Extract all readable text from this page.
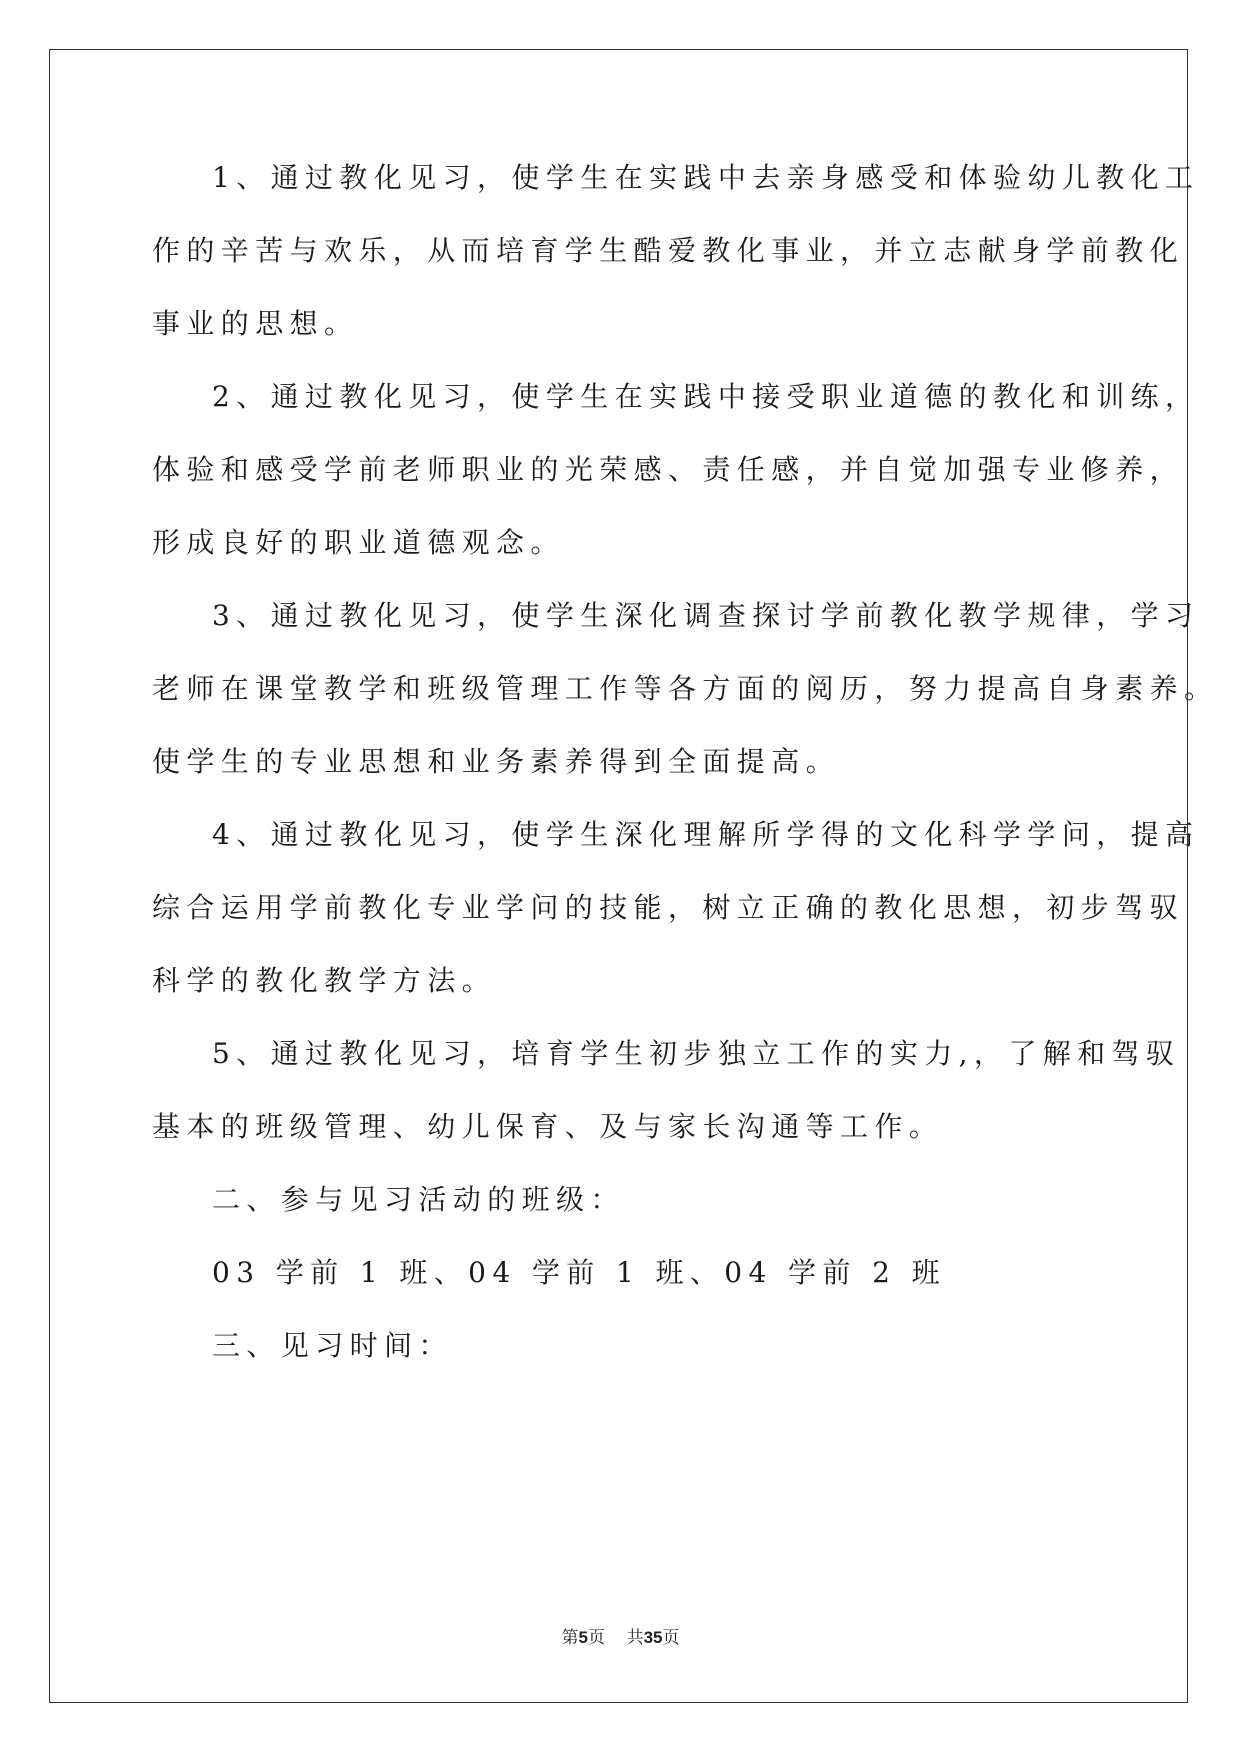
1、通过教化见习，使学生在实践中去亲身感受和体验幼儿教化工
作的辛苦与欢乐，从而培育学生酷爱教化事业，并立志献身学前教化
事业的思想。
2、通过教化见习，使学生在实践中接受职业道德的教化和训练，
体验和感受学前老师职业的光荣感、责任感，并自觉加强专业修养，
形成良好的职业道德观念。
3、通过教化见习，使学生深化调查探讨学前教化教学规律，学习
老师在课堂教学和班级管理工作等各方面的阅历，努力提高自身素养。
使学生的专业思想和业务素养得到全面提高。
4、通过教化见习，使学生深化理解所学得的文化科学学问，提高
综合运用学前教化专业学问的技能，树立正确的教化思想，初步驾驭
科学的教化教学方法。
5、通过教化见习，培育学生初步独立工作的实力,，了解和驾驭
基本的班级管理、幼儿保育、及与家长沟通等工作。
二、参与见习活动的班级：
03 学前 1 班、04 学前 1 班、04 学前 2 班
三、见习时间：
第5页    共35页
